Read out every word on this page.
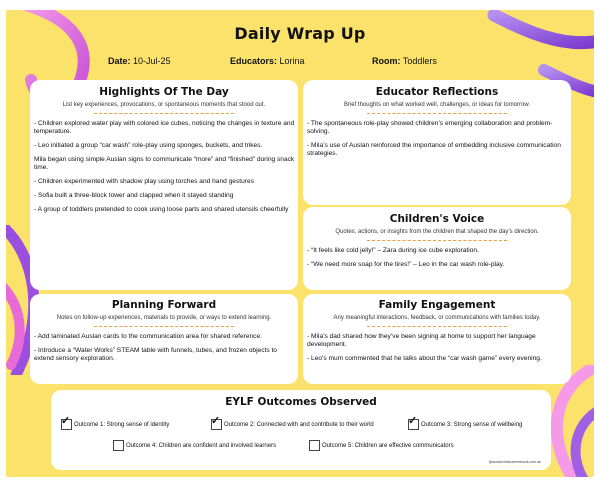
Daily Wrap Up
Date: 10-Jul-25	Educators: Lorina	Room: Toddlers
Highlights Of The Day
List key experiences, provocations, or spontaneous moments that stood out.

- Children explored water play with colored ice cubes, noticing the changes in texture and temperature.

- Leo initiated a group “car wash” role-play using sponges, buckets, and trikes.

Mila began using simple Auslan signs to communicate “more” and “finished” during snack time.

- Children experimented with shadow play using torches and hand gestures

- Sofia built a three-block tower and clapped when it stayed standing

- A group of toddlers pretended to cook using loose parts and shared utensils cheerfully

Educator Reflections
Brief thoughts on what worked well, challenges, or ideas for tomorrow.

- The spontaneous role-play showed children’s emerging collaboration and problem-solving.

- Mila’s use of Auslan reinforced the importance of embedding inclusive communication strategies.

Children's Voice
Quotes, actions, or insights from the children that shaped the day’s direction.

- “It feels like cold jelly!” – Zara during ice cube exploration.

- “We need more soap for the tires!” – Leo in the car wash role-play.

Planning Forward
Notes on follow-up experiences, materials to provide, or ways to extend learning.

- Add laminated Auslan cards to the communication area for shared reference.

- Introduce a “Water Works” STEAM table with funnels, tubes, and frozen objects to extend sensory exploration.

Family Engagement
Any meaningful interactions, feedback, or communications with families today.

- Mila’s dad shared how they’ve been signing at home to support her language development.

- Leo’s mum commented that he talks about the “car wash game” every evening.

EYLF Outcomes Observed
✓ Outcome 1: Strong sense of identity	✓ Outcome 2: Connected with and contribute to their world	✓ Outcome 3: Strong sense of wellbeing
Outcome 4: Children are confident and involved learners	Outcome 5: Children are effective communicators
@aussiechildcarenetwork.com.au
